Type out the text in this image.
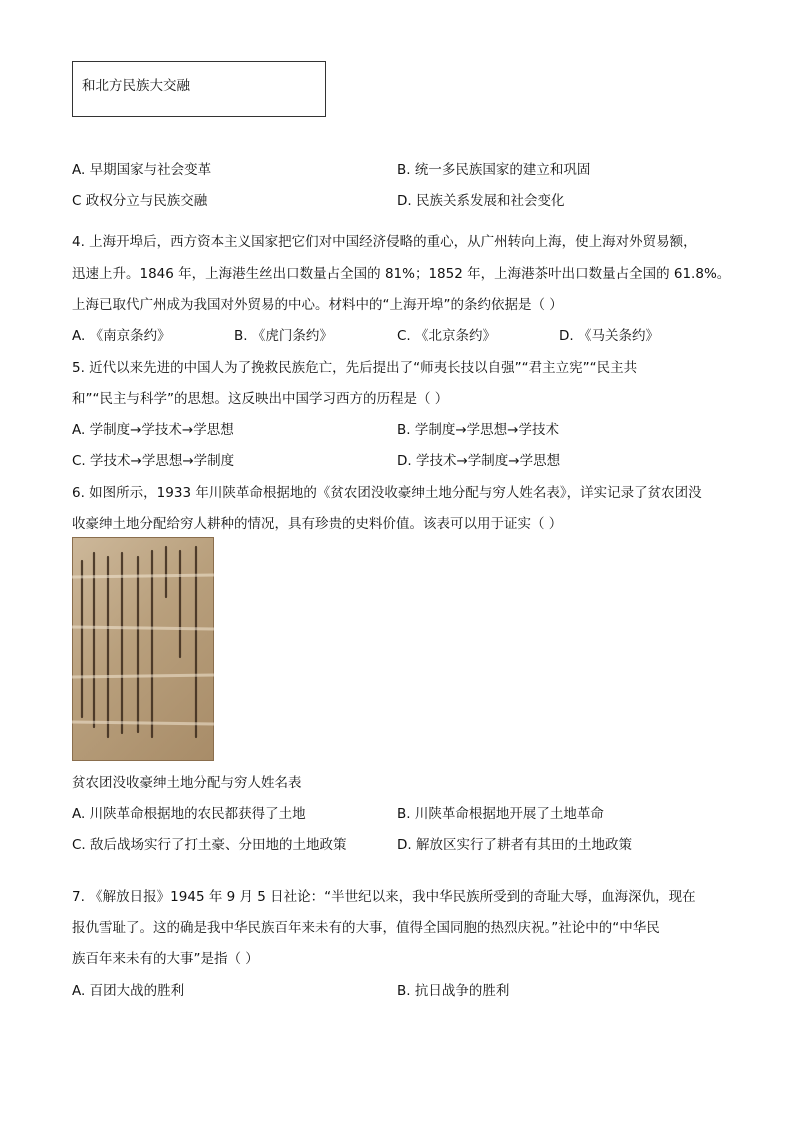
和北方民族大交融
A. 早期国家与社会变革	B. 统一多民族国家的建立和巩固
C 政权分立与民族交融	D. 民族关系发展和社会变化
4. 上海开埠后，西方资本主义国家把它们对中国经济侵略的重心，从广州转向上海，使上海对外贸易额，
迅速上升。1846 年，上海港生丝出口数量占全国的 81%；1852 年，上海港茶叶出口数量占全国的 61.8%。
上海已取代广州成为我国对外贸易的中心。材料中的“上海开埠”的条约依据是（ ）
A. 《南京条约》	B. 《虎门条约》	C. 《北京条约》	D. 《马关条约》
5. 近代以来先进的中国人为了挽救民族危亡，先后提出了“师夷长技以自强”“君主立宪”“民主共
和”“民主与科学”的思想。这反映出中国学习西方的历程是（ ）
A. 学制度→学技术→学思想	B. 学制度→学思想→学技术
C. 学技术→学思想→学制度	D. 学技术→学制度→学思想
6. 如图所示，1933 年川陕革命根据地的《贫农团没收豪绅土地分配与穷人姓名表》，详实记录了贫农团没
收豪绅土地分配给穷人耕种的情况，具有珍贵的史料价值。该表可以用于证实（ ）
贫农团没收豪绅土地分配与穷人姓名表
A. 川陕革命根据地的农民都获得了土地	B. 川陕革命根据地开展了土地革命
C. 敌后战场实行了打土豪、分田地的土地政策	D. 解放区实行了耕者有其田的土地政策
7. 《解放日报》1945 年 9 月 5 日社论：“半世纪以来，我中华民族所受到的奇耻大辱，血海深仇，现在
报仇雪耻了。这的确是我中华民族百年来未有的大事，值得全国同胞的热烈庆祝。”社论中的“中华民
族百年来未有的大事”是指（ ）
A. 百团大战的胜利	B. 抗日战争的胜利
